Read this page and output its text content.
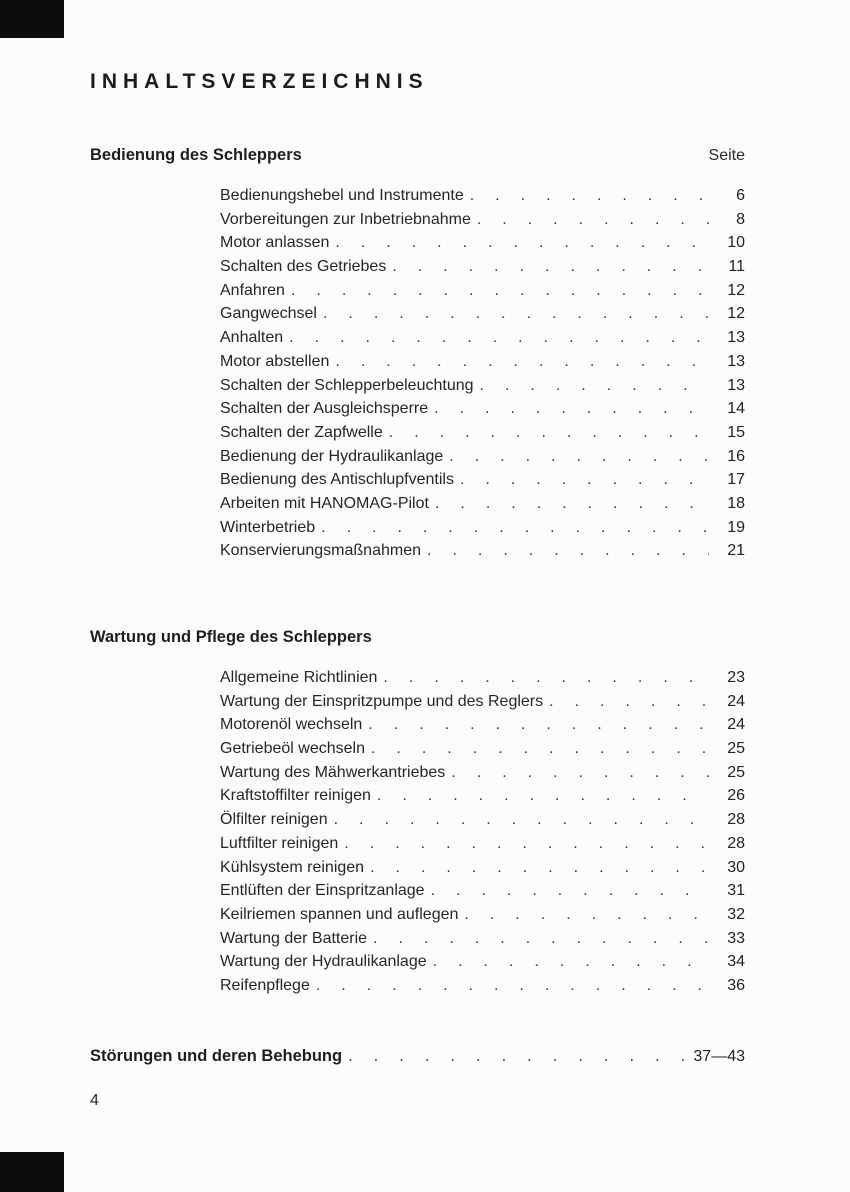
INHALTSVERZEICHNIS
Bedienung des Schleppers	Seite
Bedienungshebel und Instrumente .....	6
Vorbereitungen zur Inbetriebnahme .....	8
Motor anlassen .....	10
Schalten des Getriebes .....	11
Anfahren .....	12
Gangwechsel .....	12
Anhalten .....	13
Motor abstellen .....	13
Schalten der Schlepperbeleuchtung .....	13
Schalten der Ausgleichsperre .....	14
Schalten der Zapfwelle .....	15
Bedienung der Hydraulikanlage .....	16
Bedienung des Antischlupfventils .....	17
Arbeiten mit HANOMAG-Pilot .....	18
Winterbetrieb .....	19
Konservierungsmaßnahmen .....	21
Wartung und Pflege des Schleppers
Allgemeine Richtlinien .....	23
Wartung der Einspritzpumpe und des Reglers .....	24
Motorenöl wechseln .....	24
Getriebeöl wechseln .....	25
Wartung des Mähwerkantriebes .....	25
Kraftstoffilter reinigen .....	26
Ölfilter reinigen .....	28
Luftfilter reinigen .....	28
Kühlsystem reinigen .....	30
Entlüften der Einspritzanlage .....	31
Keilriemen spannen und auflegen .....	32
Wartung der Batterie .....	33
Wartung der Hydraulikanlage .....	34
Reifenpflege .....	36
Störungen und deren Behebung .....	37—43
4
